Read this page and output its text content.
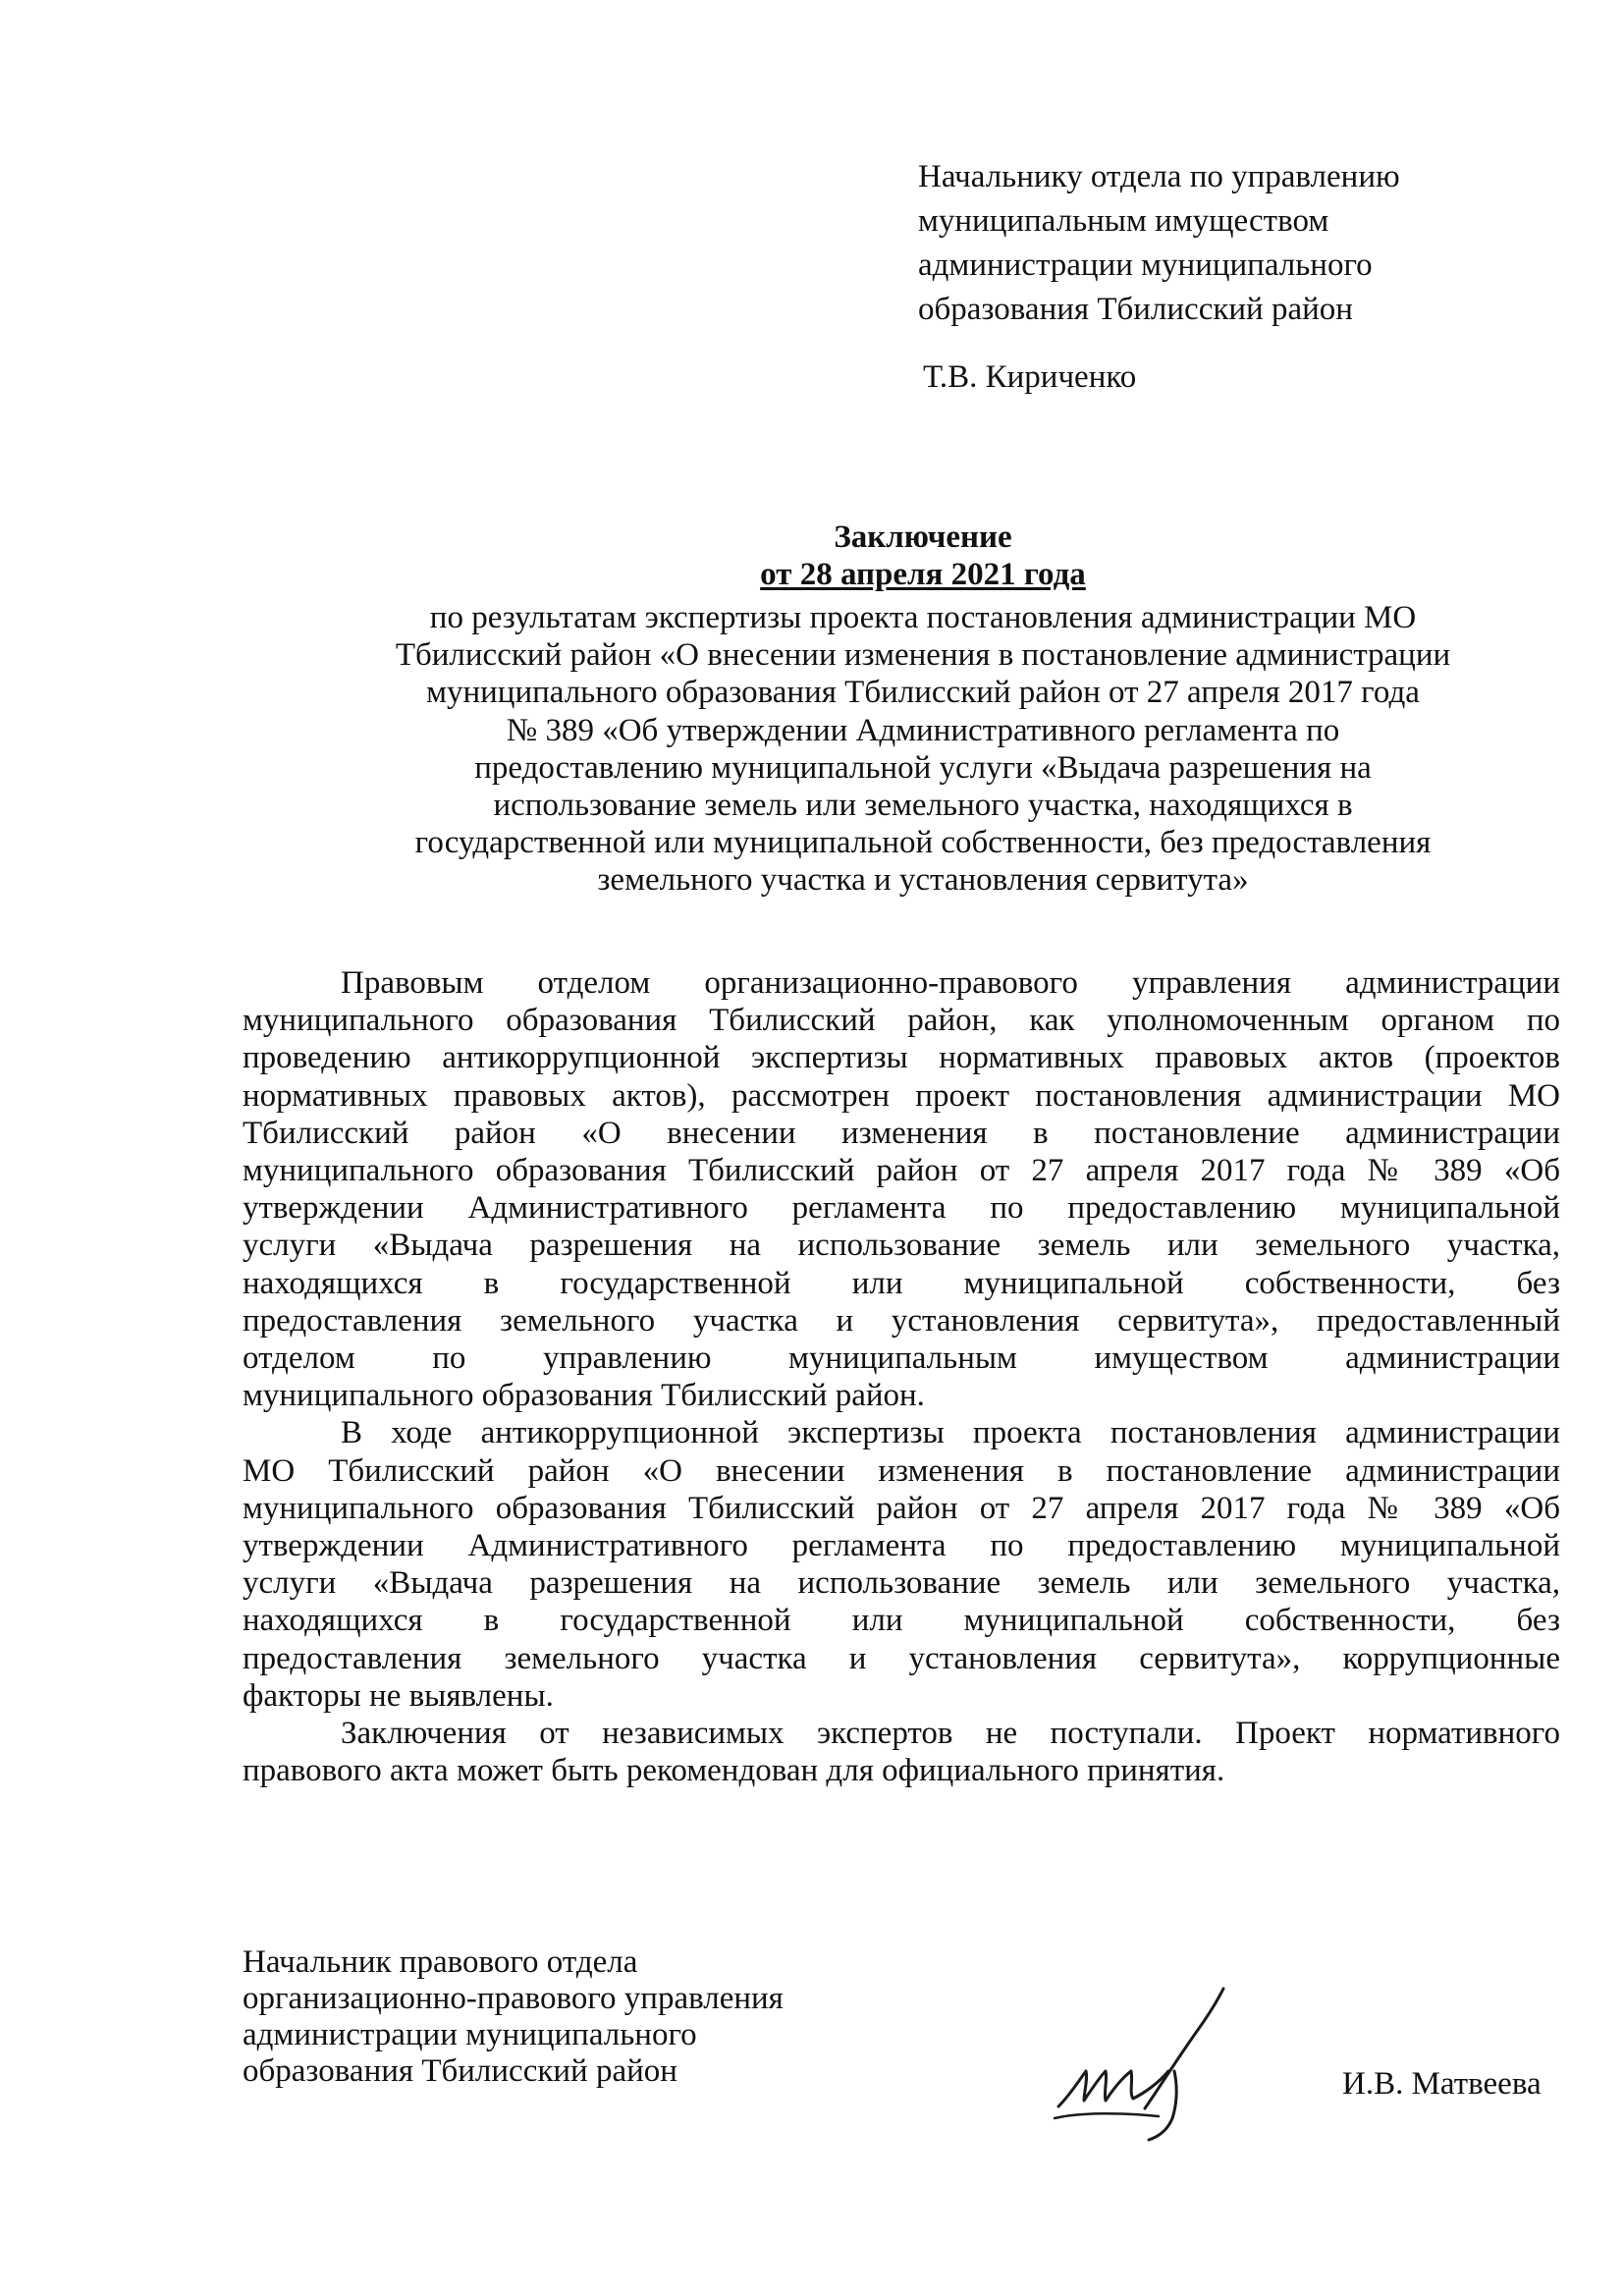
Начальнику отдела по управлению
муниципальным имуществом
администрации муниципального
образования Тбилисский район
Т.В. Кириченко
Заключение
от 28 апреля 2021 года
по результатам экспертизы проекта постановления администрации МО
Тбилисский район «О внесении изменения в постановление администрации
муниципального образования Тбилисский район от 27 апреля 2017 года
№ 389 «Об утверждении Административного регламента по
предоставлению муниципальной услуги «Выдача разрешения на
использование земель или земельного участка, находящихся в
государственной или муниципальной собственности, без предоставления
земельного участка и установления сервитута»
Правовым отделом организационно-правового управления администрации
муниципального образования Тбилисский район, как уполномоченным органом по
проведению антикоррупционной экспертизы нормативных правовых актов (проектов
нормативных правовых актов), рассмотрен проект постановления администрации МО
Тбилисский район «О внесении изменения в постановление администрации
муниципального образования Тбилисский район от 27 апреля 2017 года № 389 «Об
утверждении Административного регламента по предоставлению муниципальной
услуги «Выдача разрешения на использование земель или земельного участка,
находящихся в государственной или муниципальной собственности, без
предоставления земельного участка и установления сервитута», предоставленный
отделом по управлению муниципальным имуществом администрации
муниципального образования Тбилисский район.
В ходе антикоррупционной экспертизы проекта постановления администрации
МО Тбилисский район «О внесении изменения в постановление администрации
муниципального образования Тбилисский район от 27 апреля 2017 года № 389 «Об
утверждении Административного регламента по предоставлению муниципальной
услуги «Выдача разрешения на использование земель или земельного участка,
находящихся в государственной или муниципальной собственности, без
предоставления земельного участка и установления сервитута», коррупционные
факторы не выявлены.
Заключения от независимых экспертов не поступали. Проект нормативного
правового акта может быть рекомендован для официального принятия.
Начальник правового отдела
организационно-правового управления
администрации муниципального
образования Тбилисский район	И.В. Матвеева
